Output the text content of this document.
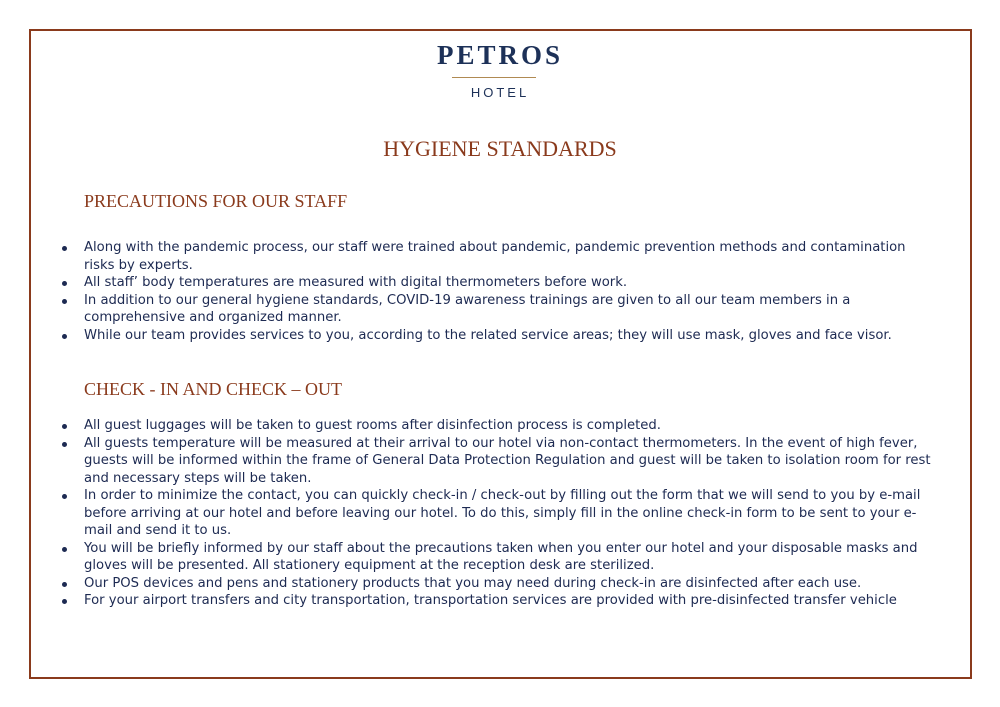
PETROS
HOTEL
HYGIENE STANDARDS
PRECAUTIONS FOR OUR STAFF
Along with the pandemic process, our staff were trained about pandemic, pandemic prevention methods and contamination risks by experts.
All staff’ body temperatures are measured with digital thermometers before work.
In addition to our general hygiene standards, COVID-19 awareness trainings are given to all our team members in a comprehensive and organized manner.
While our team provides services to you, according to the related service areas; they will use mask, gloves and face visor.
CHECK - IN AND CHECK – OUT
All guest luggages will be taken to guest rooms after disinfection process is completed.
All guests temperature will be measured at their arrival to our hotel via non-contact thermometers. In the event of high fever, guests will be informed within the frame of General Data Protection Regulation and guest will be taken to isolation room for rest and necessary steps will be taken.
In order to minimize the contact, you can quickly check-in / check-out by filling out the form that we will send to you by e-mail before arriving at our hotel and before leaving our hotel. To do this, simply fill in the online check-in form to be sent to your e-mail and send it to us.
You will be briefly informed by our staff about the precautions taken when you enter our hotel and your disposable masks and gloves will be presented. All stationery equipment at the reception desk are sterilized.
Our POS devices and pens and stationery products that you may need during check-in are disinfected after each use.
For your airport transfers and city transportation, transportation services are provided with pre-disinfected transfer vehicle
